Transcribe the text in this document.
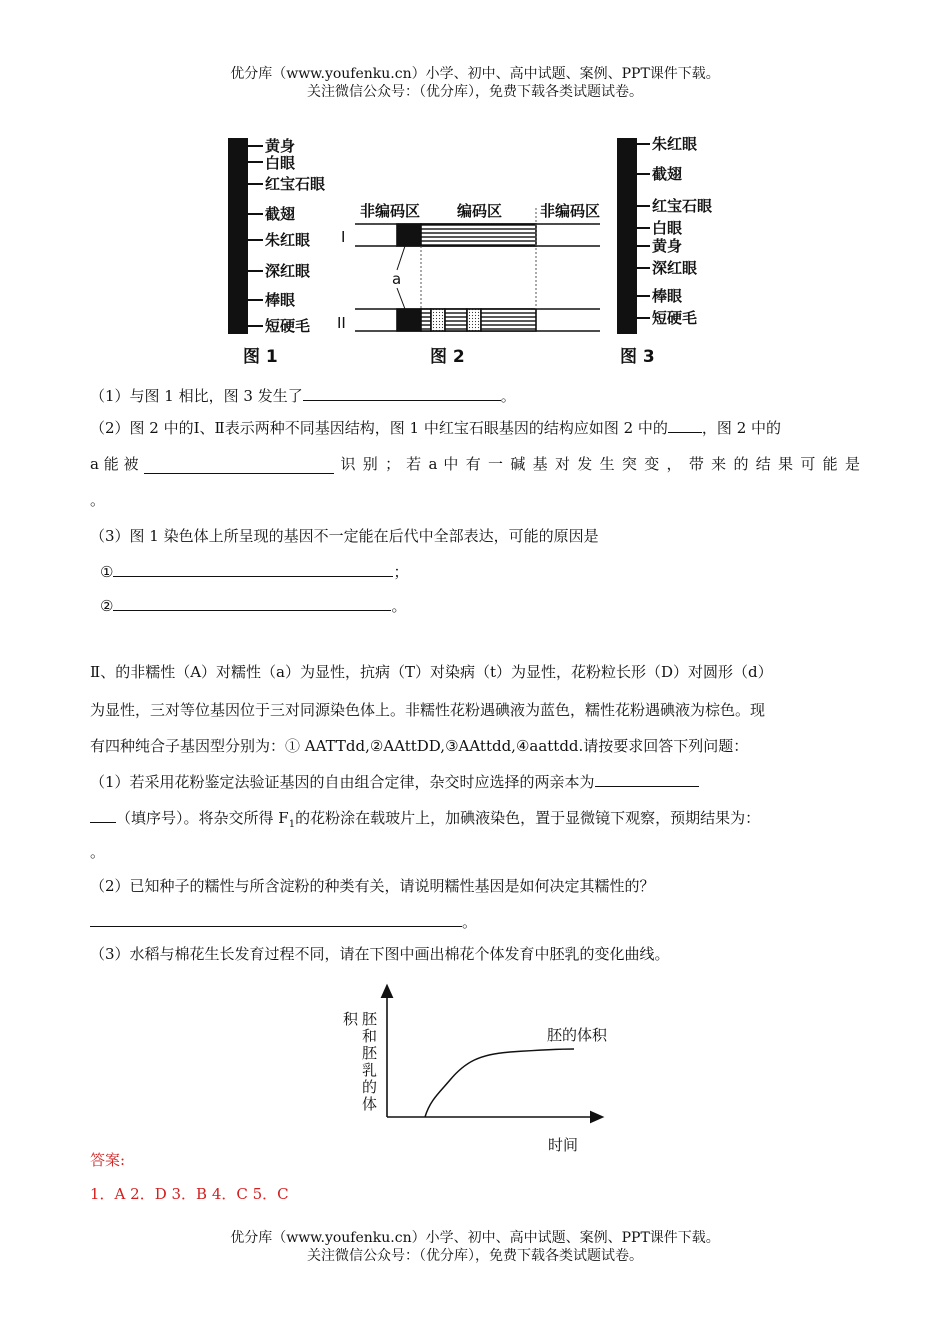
优分库（www.youfenku.cn）小学、初中、高中试题、案例、PPT课件下载。
关注微信公众号：（优分库），免费下载各类试题试卷。
黄身
白眼
红宝石眼
截翅
朱红眼
深红眼
棒眼
短硬毛
图 1
非编码区 编码区	非编码区
图 2
I
a
II
朱红眼
截翅
红宝石眼
白眼
黄身
深红眼
棒眼
短硬毛
图 3
（1）与图 1 相比，图 3 发生了	。
（2）图 2 中的Ⅰ、Ⅱ表示两种不同基因结构，图 1 中红宝石眼基因的结构应如图 2 中的 ，图 2 中的
a 能 被	识 别 ； 若 a 中 有 一 碱 基 对 发 生 突 变 ， 带 来 的 结 果 可 能 是
。
（3）图 1 染色体上所呈现的基因不一定能在后代中全部表达，可能的原因是
①	；
②	。
Ⅱ、的非糯性（A）对糯性（a）为显性，抗病（T）对染病（t）为显性，花粉粒长形（D）对圆形（d）
为显性，三对等位基因位于三对同源染色体上。非糯性花粉遇碘液为蓝色，糯性花粉遇碘液为棕色。现
有四种纯合子基因型分别为：① AATTdd,②AAttDD,③AAttdd,④aattdd.请按要求回答下列问题：
（1）若采用花粉鉴定法验证基因的自由组合定律，杂交时应选择的两亲本为
（填序号）。将杂交所得 $F_1$的花粉涂在载玻片上，加碘液染色，置于显微镜下观察，预期结果为：
。
（2）已知种子的糯性与所含淀粉的种类有关，请说明糯性基因是如何决定其糯性的？
。
（3）水稻与棉花生长发育过程不同，请在下图中画出棉花个体发育中胚乳的变化曲线。
积 胚
和
胚
乳
的
体
胚的体积
时间
答案:
1．A 2．D 3．B 4．C 5．C
优分库（www.youfenku.cn）小学、初中、高中试题、案例、PPT课件下载。
关注微信公众号：（优分库），免费下载各类试题试卷。
